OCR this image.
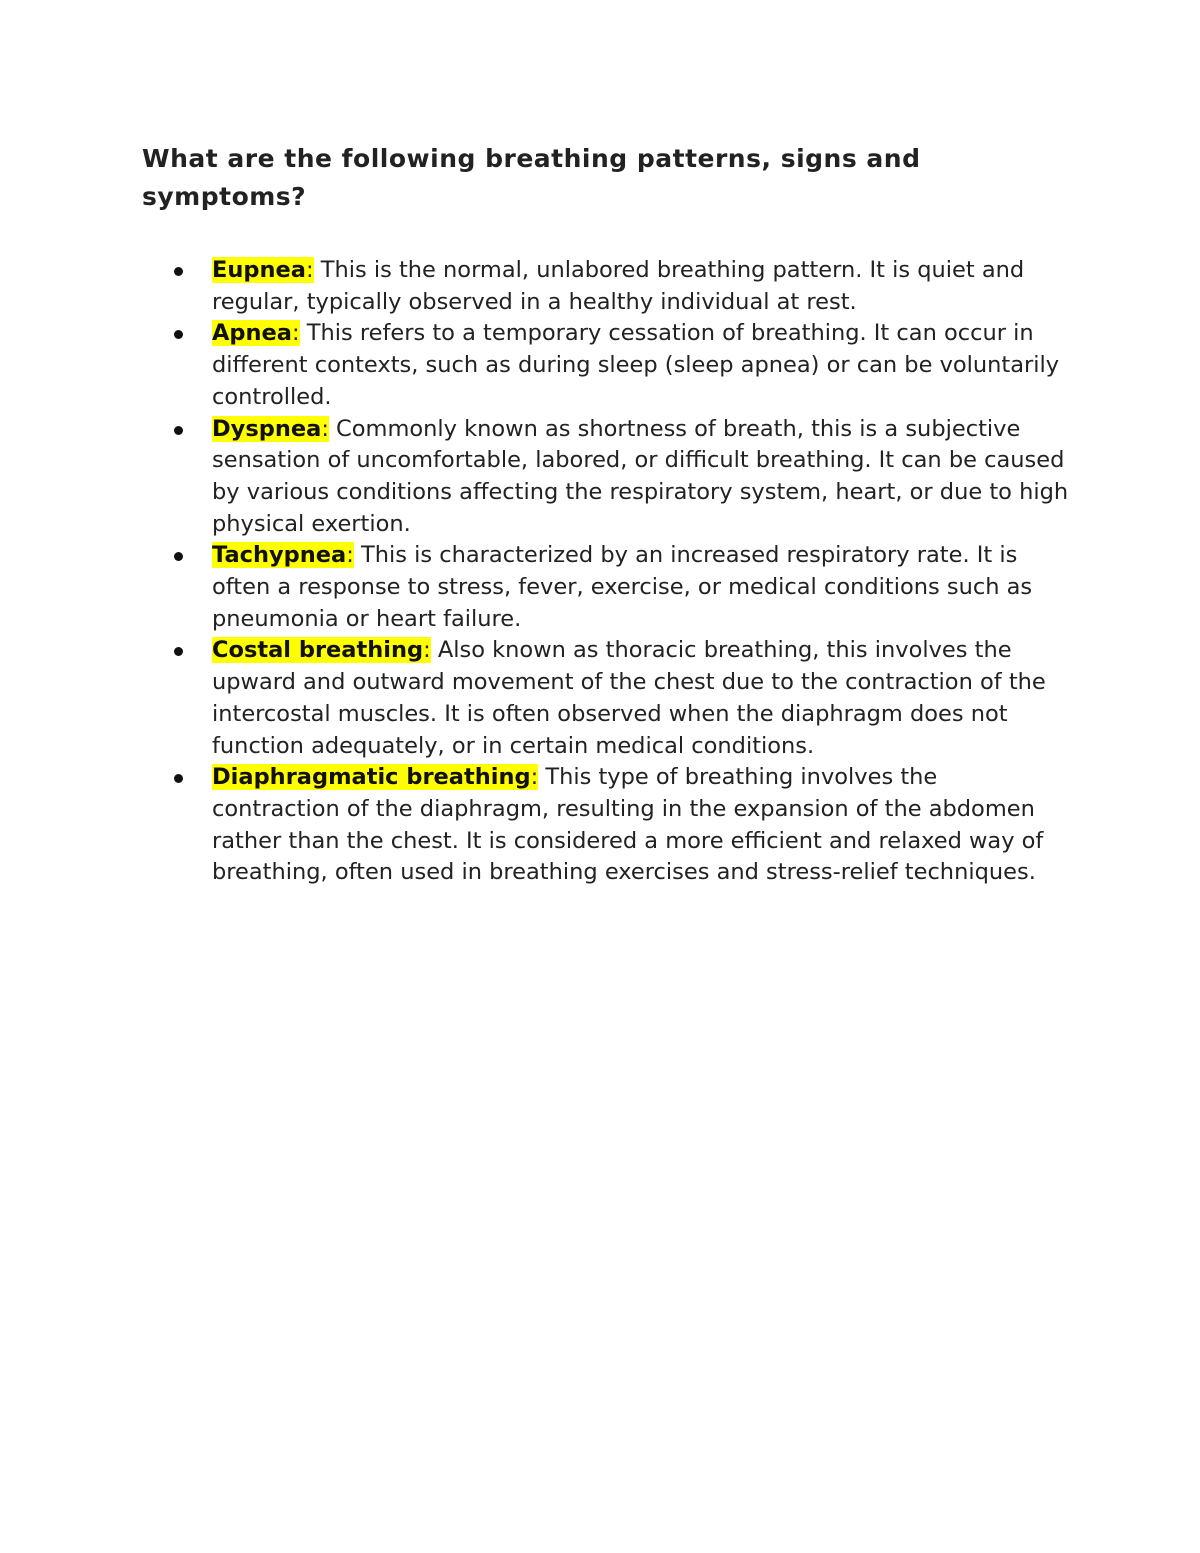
What are the following breathing patterns, signs and symptoms?
Eupnea: This is the normal, unlabored breathing pattern. It is quiet and regular, typically observed in a healthy individual at rest.
Apnea: This refers to a temporary cessation of breathing. It can occur in different contexts, such as during sleep (sleep apnea) or can be voluntarily controlled.
Dyspnea: Commonly known as shortness of breath, this is a subjective sensation of uncomfortable, labored, or difficult breathing. It can be caused by various conditions affecting the respiratory system, heart, or due to high physical exertion.
Tachypnea: This is characterized by an increased respiratory rate. It is often a response to stress, fever, exercise, or medical conditions such as pneumonia or heart failure.
Costal breathing: Also known as thoracic breathing, this involves the upward and outward movement of the chest due to the contraction of the intercostal muscles. It is often observed when the diaphragm does not function adequately, or in certain medical conditions.
Diaphragmatic breathing: This type of breathing involves the contraction of the diaphragm, resulting in the expansion of the abdomen rather than the chest. It is considered a more efficient and relaxed way of breathing, often used in breathing exercises and stress-relief techniques.
